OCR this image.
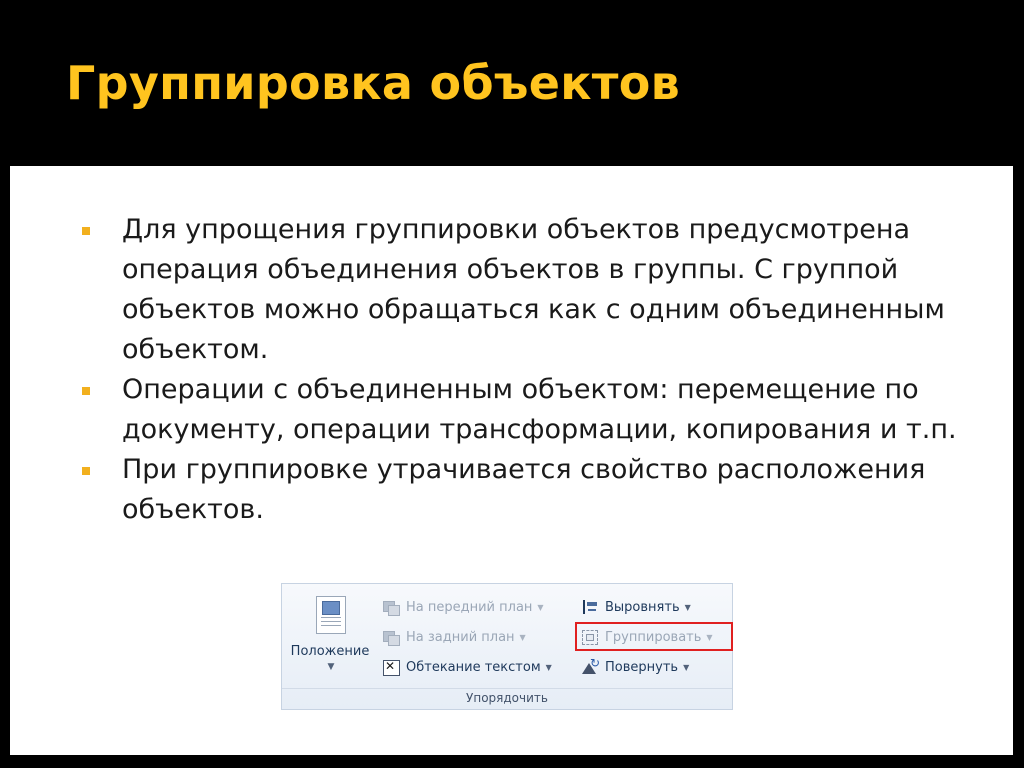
Группировка объектов
Для упрощения группировки объектов предусмотрена операция объединения объектов в группы. С группой объектов можно обращаться как с одним объединенным объектом.
Операции с объединенным объектом: перемещение по документу, операции трансформации, копирования и т.п.
При группировке утрачивается свойство расположения объектов.
Положение
▼
На передний план ▼
На задний план ▼
✕
Обтекание текстом ▼
Выровнять ▼
Группировать ▼
↻
Повернуть ▼
Упорядочить
